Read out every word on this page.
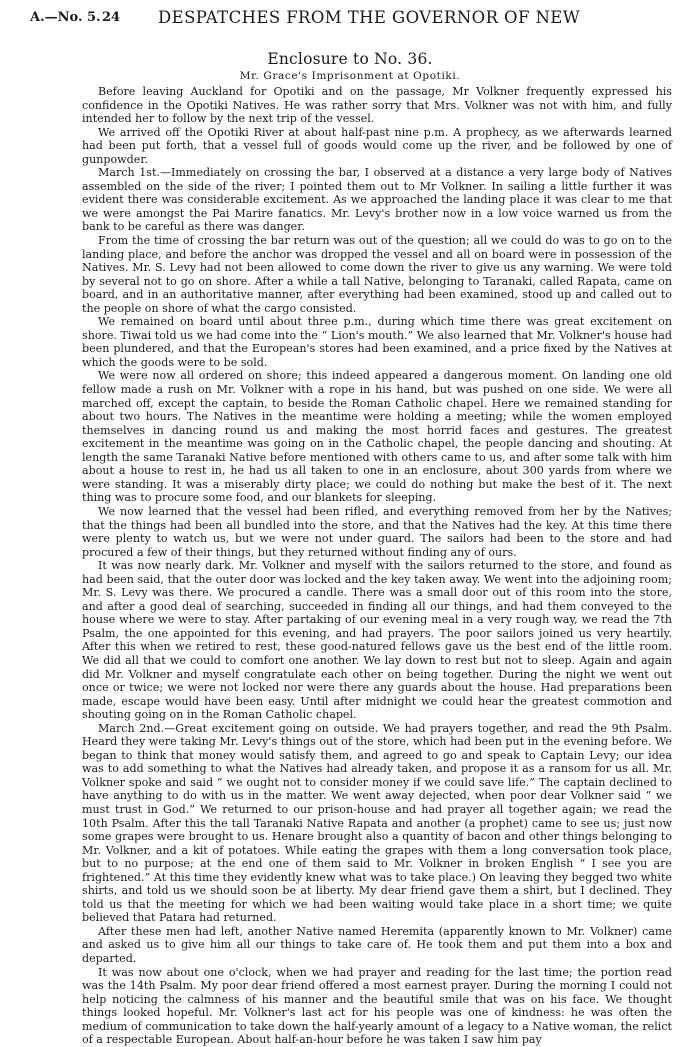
A.—No. 5. 24 DESPATCHES FROM THE GOVERNOR OF NEW
Enclosure to No. 36.
Mr. Grace's Imprisonment at Opotiki.

Before leaving Auckland for Opotiki and on the passage, Mr Volkner frequently expressed his confidence in the Opotiki Natives. He was rather sorry that Mrs. Volkner was not with him, and fully intended her to follow by the next trip of the vessel.

We arrived off the Opotiki River at about half-past nine p.m. A prophecy, as we afterwards learned had been put forth, that a vessel full of goods would come up the river, and be followed by one of gunpowder.

March 1st.—Immediately on crossing the bar, I observed at a distance a very large body of Natives assembled on the side of the river; I pointed them out to Mr Volkner. In sailing a little further it was evident there was considerable excitement. As we approached the landing place it was clear to me that we were amongst the Pai Marire fanatics. Mr. Levy's brother now in a low voice warned us from the bank to be careful as there was danger.

From the time of crossing the bar return was out of the question; all we could do was to go on to the landing place, and before the anchor was dropped the vessel and all on board were in possession of the Natives. Mr. S. Levy had not been allowed to come down the river to give us any warning. We were told by several not to go on shore. After a while a tall Native, belonging to Taranaki, called Rapata, came on board, and in an authoritative manner, after everything had been examined, stood up and called out to the people on shore of what the cargo consisted.

We remained on board until about three p.m., during which time there was great excitement on shore. Tiwai told us we had come into the “ Lion's mouth.” We also learned that Mr. Volkner's house had been plundered, and that the European's stores had been examined, and a price fixed by the Natives at which the goods were to be sold.

We were now all ordered on shore; this indeed appeared a dangerous moment. On landing one old fellow made a rush on Mr. Volkner with a rope in his hand, but was pushed on one side. We were all marched off, except the captain, to beside the Roman Catholic chapel. Here we remained standing for about two hours. The Natives in the meantime were holding a meeting; while the women employed themselves in dancing round us and making the most horrid faces and gestures. The greatest excitement in the meantime was going on in the Catholic chapel, the people dancing and shouting. At length the same Taranaki Native before mentioned with others came to us, and after some talk with him about a house to rest in, he had us all taken to one in an enclosure, about 300 yards from where we were standing. It was a miserably dirty place; we could do nothing but make the best of it. The next thing was to procure some food, and our blankets for sleeping.

We now learned that the vessel had been rifled, and everything removed from her by the Natives; that the things had been all bundled into the store, and that the Natives had the key. At this time there were plenty to watch us, but we were not under guard. The sailors had been to the store and had procured a few of their things, but they returned without finding any of ours.

It was now nearly dark. Mr. Volkner and myself with the sailors returned to the store, and found as had been said, that the outer door was locked and the key taken away. We went into the adjoining room; Mr. S. Levy was there. We procured a candle. There was a small door out of this room into the store, and after a good deal of searching, succeeded in finding all our things, and had them conveyed to the house where we were to stay. After partaking of our evening meal in a very rough way, we read the 7th Psalm, the one appointed for this evening, and had prayers. The poor sailors joined us very heartily. After this when we retired to rest, these good-natured fellows gave us the best end of the little room. We did all that we could to comfort one another. We lay down to rest but not to sleep. Again and again did Mr. Volkner and myself congratulate each other on being together. During the night we went out once or twice; we were not locked nor were there any guards about the house. Had preparations been made, escape would have been easy. Until after midnight we could hear the greatest commotion and shouting going on in the Roman Catholic chapel.

March 2nd.—Great excitement going on outside. We had prayers together, and read the 9th Psalm. Heard they were taking Mr. Levy's things out of the store, which had been put in the evening before. We began to think that money would satisfy them, and agreed to go and speak to Captain Levy; our idea was to add something to what the Natives had already taken, and propose it as a ransom for us all. Mr. Volkner spoke and said “ we ought not to consider money if we could save life.” The captain declined to have anything to do with us in the matter. We went away dejected, when poor dear Volkner said “ we must trust in God.” We returned to our prison-house and had prayer all together again; we read the 10th Psalm. After this the tall Taranaki Native Rapata and another (a prophet) came to see us; just now some grapes were brought to us. Henare brought also a quantity of bacon and other things belonging to Mr. Volkner, and a kit of potatoes. While eating the grapes with them a long conversation took place, but to no purpose; at the end one of them said to Mr. Volkner in broken English “ I see you are frightened.” At this time they evidently knew what was to take place.) On leaving they begged two white shirts, and told us we should soon be at liberty. My dear friend gave them a shirt, but I declined. They told us that the meeting for which we had been waiting would take place in a short time; we quite believed that Patara had returned.

After these men had left, another Native named Heremita (apparently known to Mr. Volkner) came and asked us to give him all our things to take care of. He took them and put them into a box and departed.

It was now about one o'clock, when we had prayer and reading for the last time; the portion read was the 14th Psalm. My poor dear friend offered a most earnest prayer. During the morning I could not help noticing the calmness of his manner and the beautiful smile that was on his face. We thought things looked hopeful. Mr. Volkner's last act for his people was one of kindness: he was often the medium of communication to take down the half-yearly amount of a legacy to a Native woman, the relict of a respectable European. About half-an-hour before he was taken I saw him pay
